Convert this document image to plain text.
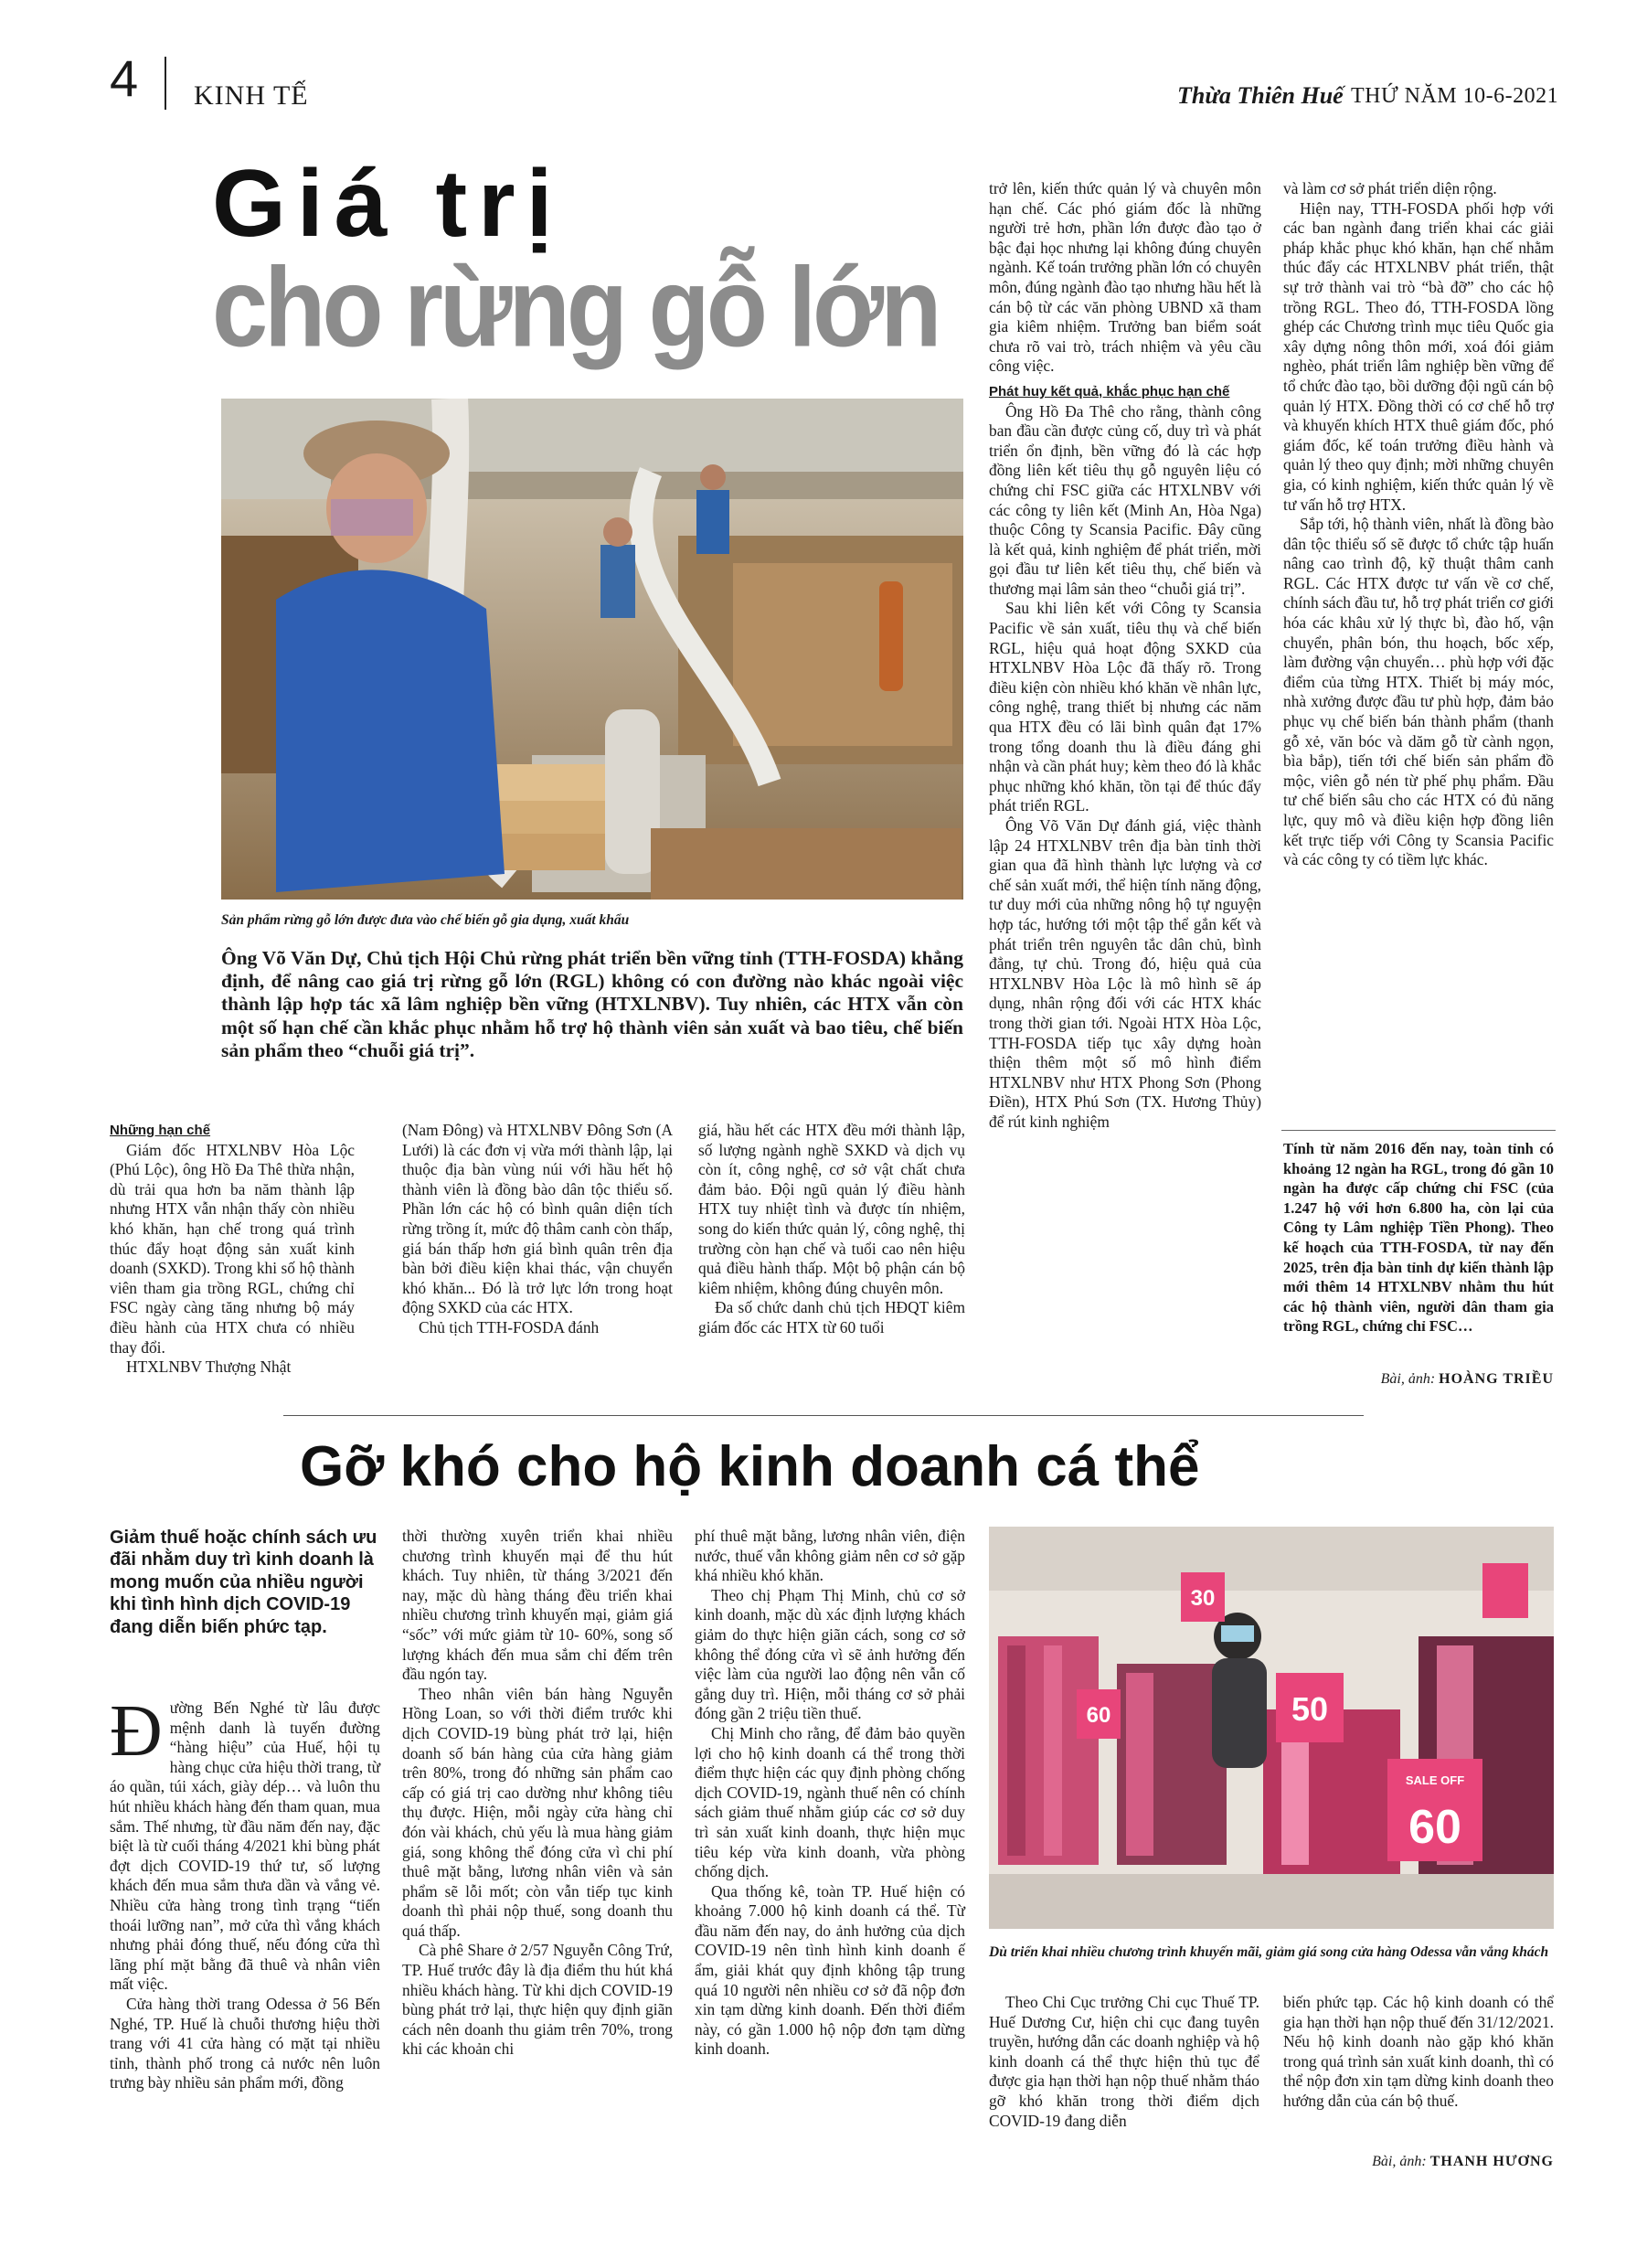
4 KINH TẾ	Thừa Thiên Huế THỨ NĂM 10-6-2021
Giá trị
cho rừng gỗ lớn
Sản phẩm rừng gỗ lớn được đưa vào chế biến gỗ gia dụng, xuất khẩu
Ông Võ Văn Dự, Chủ tịch Hội Chủ rừng phát triển bền vững tỉnh (TTH-FOSDA) khẳng định, để nâng cao giá trị rừng gỗ lớn (RGL) không có con đường nào khác ngoài việc thành lập hợp tác xã lâm nghiệp bền vững (HTXLNBV). Tuy nhiên, các HTX vẫn còn một số hạn chế cần khắc phục nhằm hỗ trợ hộ thành viên sản xuất và bao tiêu, chế biến sản phẩm theo “chuỗi giá trị”.

Những hạn chế

Giám đốc HTXLNBV Hòa Lộc (Phú Lộc), ông Hồ Đa Thê thừa nhận, dù trải qua hơn ba năm thành lập nhưng HTX vẫn nhận thấy còn nhiều khó khăn, hạn chế trong quá trình thúc đẩy hoạt động sản xuất kinh doanh (SXKD). Trong khi số hộ thành viên tham gia trồng RGL, chứng chỉ FSC ngày càng tăng nhưng bộ máy điều hành của HTX chưa có nhiều thay đổi.

HTXLNBV Thượng Nhật

(Nam Đông) và HTXLNBV Đông Sơn (A Lưới) là các đơn vị vừa mới thành lập, lại thuộc địa bàn vùng núi với hầu hết hộ thành viên là đồng bào dân tộc thiểu số. Phần lớn các hộ có bình quân diện tích rừng trồng ít, mức độ thâm canh còn thấp, giá bán thấp hơn giá bình quân trên địa bàn bởi điều kiện khai thác, vận chuyển khó khăn... Đó là trở lực lớn trong hoạt động SXKD của các HTX.

Chủ tịch TTH-FOSDA đánh

giá, hầu hết các HTX đều mới thành lập, số lượng ngành nghề SXKD và dịch vụ còn ít, công nghệ, cơ sở vật chất chưa đảm bảo. Đội ngũ quản lý điều hành HTX tuy nhiệt tình và được tín nhiệm, song do kiến thức quản lý, công nghệ, thị trường còn hạn chế và tuổi cao nên hiệu quả điều hành thấp. Một bộ phận cán bộ kiêm nhiệm, không đúng chuyên môn.

Đa số chức danh chủ tịch HĐQT kiêm giám đốc các HTX từ 60 tuổi

trở lên, kiến thức quản lý và chuyên môn hạn chế. Các phó giám đốc là những người trẻ hơn, phần lớn được đào tạo ở bậc đại học nhưng lại không đúng chuyên ngành. Kế toán trưởng phần lớn có chuyên môn, đúng ngành đào tạo nhưng hầu hết là cán bộ từ các văn phòng UBND xã tham gia kiêm nhiệm. Trưởng ban biểm soát chưa rõ vai trò, trách nhiệm và yêu cầu công việc.

Phát huy kết quả, khắc phục hạn chế

Ông Hồ Đa Thê cho rằng, thành công ban đầu cần được củng cố, duy trì và phát triển ổn định, bền vững đó là các hợp đồng liên kết tiêu thụ gỗ nguyên liệu có chứng chỉ FSC giữa các HTXLNBV với các công ty liên kết (Minh An, Hòa Nga) thuộc Công ty Scansia Pacific. Đây cũng là kết quả, kinh nghiệm để phát triển, mời gọi đầu tư liên kết tiêu thụ, chế biến và thương mại lâm sản theo “chuỗi giá trị”.

Sau khi liên kết với Công ty Scansia Pacific về sản xuất, tiêu thụ và chế biến RGL, hiệu quả hoạt động SXKD của HTXLNBV Hòa Lộc đã thấy rõ. Trong điều kiện còn nhiều khó khăn về nhân lực, công nghệ, trang thiết bị nhưng các năm qua HTX đều có lãi bình quân đạt 17% trong tổng doanh thu là điều đáng ghi nhận và cần phát huy; kèm theo đó là khắc phục những khó khăn, tồn tại để thúc đẩy phát triển RGL.

Ông Võ Văn Dự đánh giá, việc thành lập 24 HTXLNBV trên địa bàn tỉnh thời gian qua đã hình thành lực lượng và cơ chế sản xuất mới, thể hiện tính năng động, tư duy mới của những nông hộ tự nguyện hợp tác, hướng tới một tập thể gắn kết và phát triển trên nguyên tắc dân chủ, bình đẳng, tự chủ. Trong đó, hiệu quả của HTXLNBV Hòa Lộc là mô hình sẽ áp dụng, nhân rộng đối với các HTX khác trong thời gian tới. Ngoài HTX Hòa Lộc, TTH-FOSDA tiếp tục xây dựng hoàn thiện thêm một số mô hình điểm HTXLNBV như HTX Phong Sơn (Phong Điền), HTX Phú Sơn (TX. Hương Thủy) để rút kinh nghiệm

và làm cơ sở phát triển diện rộng.

Hiện nay, TTH-FOSDA phối hợp với các ban ngành đang triển khai các giải pháp khắc phục khó khăn, hạn chế nhằm thúc đẩy các HTXLNBV phát triển, thật sự trở thành vai trò “bà đỡ” cho các hộ trồng RGL. Theo đó, TTH-FOSDA lồng ghép các Chương trình mục tiêu Quốc gia xây dựng nông thôn mới, xoá đói giảm nghèo, phát triển lâm nghiệp bền vững để tổ chức đào tạo, bồi dưỡng đội ngũ cán bộ quản lý HTX. Đồng thời có cơ chế hỗ trợ và khuyến khích HTX thuê giám đốc, phó giám đốc, kế toán trưởng điều hành và quản lý theo quy định; mời những chuyên gia, có kinh nghiệm, kiến thức quản lý về tư vấn hỗ trợ HTX.

Sắp tới, hộ thành viên, nhất là đồng bào dân tộc thiểu số sẽ được tổ chức tập huấn nâng cao trình độ, kỹ thuật thâm canh RGL. Các HTX được tư vấn về cơ chế, chính sách đầu tư, hỗ trợ phát triển cơ giới hóa các khâu xử lý thực bì, đào hố, vận chuyển, phân bón, thu hoạch, bốc xếp, làm đường vận chuyển… phù hợp với đặc điểm của từng HTX. Thiết bị máy móc, nhà xưởng được đầu tư phù hợp, đảm bảo phục vụ chế biến bán thành phẩm (thanh gỗ xẻ, văn bóc và dăm gỗ từ cành ngọn, bìa bắp), tiến tới chế biến sản phẩm đồ mộc, viên gỗ nén từ phế phụ phẩm. Đầu tư chế biến sâu cho các HTX có đủ năng lực, quy mô và điều kiện hợp đồng liên kết trực tiếp với Công ty Scansia Pacific và các công ty có tiềm lực khác.

Tính từ năm 2016 đến nay, toàn tỉnh có khoảng 12 ngàn ha RGL, trong đó gần 10 ngàn ha được cấp chứng chỉ FSC (của 1.247 hộ với hơn 6.800 ha, còn lại của Công ty Lâm nghiệp Tiền Phong). Theo kế hoạch của TTH-FOSDA, từ nay đến 2025, trên địa bàn tỉnh dự kiến thành lập mới thêm 14 HTXLNBV nhằm thu hút các hộ thành viên, người dân tham gia trồng RGL, chứng chỉ FSC…
Bài, ảnh: HOÀNG TRIỀU
Gỡ khó cho hộ kinh doanh cá thể
Giảm thuế hoặc chính sách ưu đãi nhằm duy trì kinh doanh là mong muốn của nhiều người khi tình hình dịch COVID-19 đang diễn biến phức tạp.

Đường Bến Nghé từ lâu được mệnh danh là tuyến đường “hàng hiệu” của Huế, hội tụ hàng chục cửa hiệu thời trang, từ áo quần, túi xách, giày dép… và luôn thu hút nhiều khách hàng đến tham quan, mua sắm. Thế nhưng, từ đầu năm đến nay, đặc biệt là từ cuối tháng 4/2021 khi bùng phát đợt dịch COVID-19 thứ tư, số lượng khách đến mua sắm thưa dần và vắng vẻ. Nhiều cửa hàng trong tình trạng “tiến thoái lưỡng nan”, mở cửa thì vắng khách nhưng phải đóng thuế, nếu đóng cửa thì lãng phí mặt bằng đã thuê và nhân viên mất việc.

Cửa hàng thời trang Odessa ở 56 Bến Nghé, TP. Huế là chuỗi thương hiệu thời trang với 41 cửa hàng có mặt tại nhiều tỉnh, thành phố trong cả nước nên luôn trưng bày nhiều sản phẩm mới, đồng

thời thường xuyên triển khai nhiều chương trình khuyến mại để thu hút khách. Tuy nhiên, từ tháng 3/2021 đến nay, mặc dù hàng tháng đều triển khai nhiều chương trình khuyến mại, giảm giá “sốc” với mức giảm từ 10- 60%, song số lượng khách đến mua sắm chỉ đếm trên đầu ngón tay.

Theo nhân viên bán hàng Nguyễn Hồng Loan, so với thời điểm trước khi dịch COVID-19 bùng phát trở lại, hiện doanh số bán hàng của cửa hàng giảm trên 80%, trong đó những sản phẩm cao cấp có giá trị cao dường như không tiêu thụ được. Hiện, mỗi ngày cửa hàng chỉ đón vài khách, chủ yếu là mua hàng giảm giá, song không thể đóng cửa vì chi phí thuê mặt bằng, lương nhân viên và sản phẩm sẽ lỗi mốt; còn vẫn tiếp tục kinh doanh thì phải nộp thuế, song doanh thu quá thấp.

Cà phê Share ở 2/57 Nguyễn Công Trứ, TP. Huế trước đây là địa điểm thu hút khá nhiều khách hàng. Từ khi dịch COVID-19 bùng phát trở lại, thực hiện quy định giãn cách nên doanh thu giảm trên 70%, trong khi các khoản chi

phí thuê mặt bằng, lương nhân viên, điện nước, thuế vẫn không giảm nên cơ sở gặp khá nhiều khó khăn.

Theo chị Phạm Thị Minh, chủ cơ sở kinh doanh, mặc dù xác định lượng khách giảm do thực hiện giãn cách, song cơ sở không thể đóng cửa vì sẽ ảnh hưởng đến việc làm của người lao động nên vẫn cố gắng duy trì. Hiện, mỗi tháng cơ sở phải đóng gần 2 triệu tiền thuế.

Chị Minh cho rằng, để đảm bảo quyền lợi cho hộ kinh doanh cá thể trong thời điểm thực hiện các quy định phòng chống dịch COVID-19, ngành thuế nên có chính sách giảm thuế nhằm giúp các cơ sở duy trì sản xuất kinh doanh, thực hiện mục tiêu kép vừa kinh doanh, vừa phòng chống dịch.

Qua thống kê, toàn TP. Huế hiện có khoảng 7.000 hộ kinh doanh cá thể. Từ đầu năm đến nay, do ảnh hưởng của dịch COVID-19 nên tình hình kinh doanh ế ẩm, giải khát quy định không tập trung quá 10 người nên nhiều cơ sở đã nộp đơn xin tạm dừng kinh doanh. Đến thời điểm này, có gần 1.000 hộ nộp đơn tạm dừng kinh doanh.

30
60	50
SALE OFF
60
Dù triển khai nhiều chương trình khuyến mãi, giảm giá song cửa hàng Odessa vẫn vắng khách

Theo Chi Cục trưởng Chi cục Thuế TP. Huế Dương Cư, hiện chi cục đang tuyên truyền, hướng dẫn các doanh nghiệp và hộ kinh doanh cá thể thực hiện thủ tục để được gia hạn thời hạn nộp thuế nhằm tháo gỡ khó khăn trong thời điểm dịch COVID-19 đang diễn

biến phức tạp. Các hộ kinh doanh có thể gia hạn thời hạn nộp thuế đến 31/12/2021. Nếu hộ kinh doanh nào gặp khó khăn trong quá trình sản xuất kinh doanh, thì có thể nộp đơn xin tạm dừng kinh doanh theo hướng dẫn của cán bộ thuế.

Bài, ảnh: THANH HƯƠNG
